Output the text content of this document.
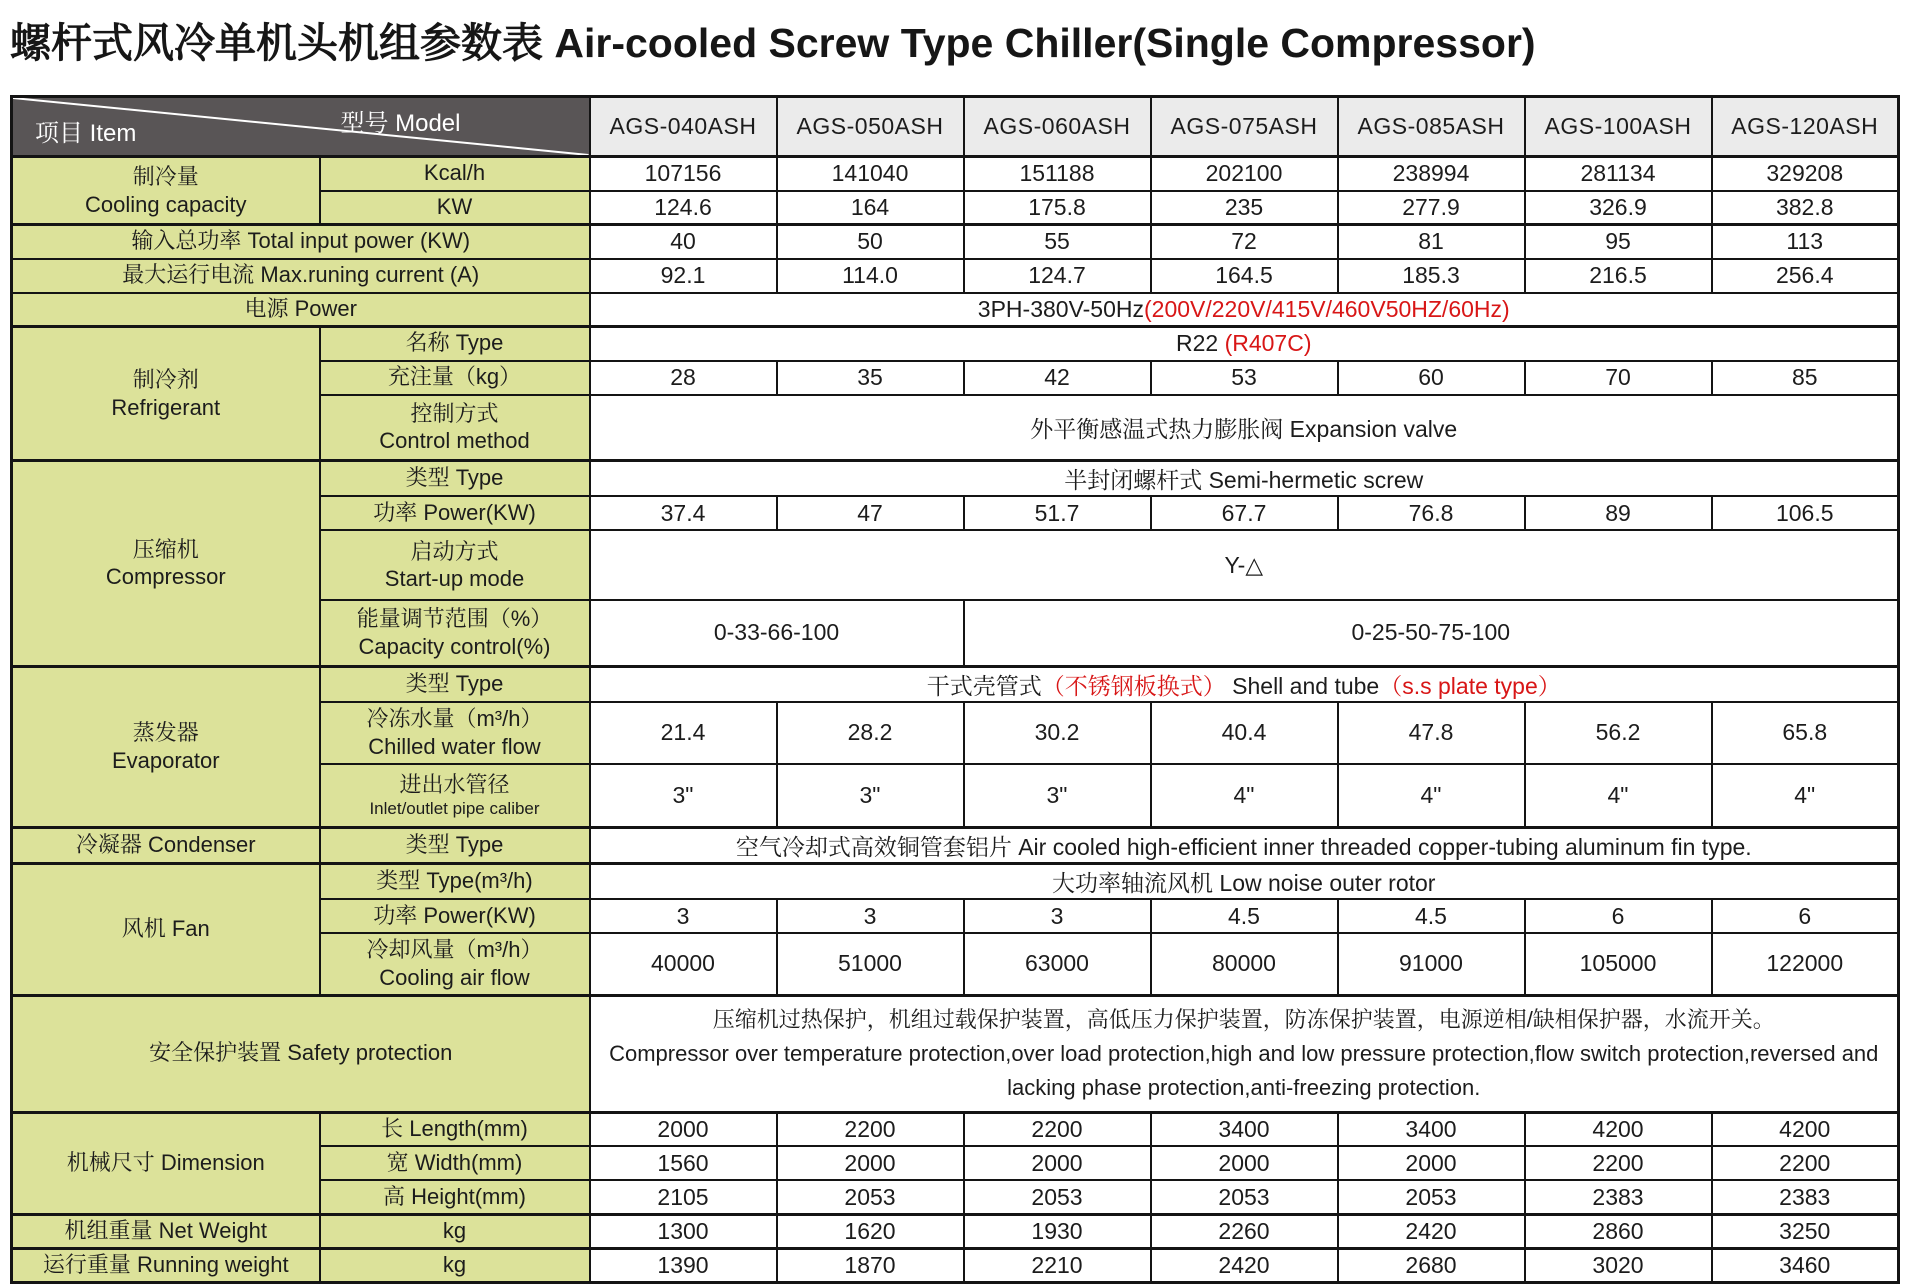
螺杆式风冷单机头机组参数表 Air-cooled Screw Type Chiller(Single Compressor)
型号 Model
项目 Item		AGS-040ASH	AGS-050ASH	AGS-060ASH	AGS-075ASH	AGS-085ASH	AGS-100ASH	AGS-120ASH

制冷量
Cooling capacity	Kcal/h	107156	141040	151188	202100	238994	281134	329208
	KW	124.6	164	175.8	235	277.9	326.9	382.8
输入总功率 Total input power (KW)		40	50	55	72	81	95	113
最大运行电流 Max.runing current (A)		92.1	114.0	124.7	164.5	185.3	216.5	256.4
电源 Power		3PH-380V-50Hz(200V/220V/415V/460V50HZ/60Hz)						

制冷剂
Refrigerant	名称 Type	R22 (R407C)						
	充注量（kg）	28	35	42	53	60	70	85

	控制方式
Control method	外平衡感温式热力膨胀阀 Expansion valve						

压缩机
Compressor	类型 Type	半封闭螺杆式 Semi-hermetic screw						
	功率 Power(KW)	37.4	47	51.7	67.7	76.8	89	106.5

	启动方式
Start-up mode	Y-△						

	能量调节范围（%）
Capacity control(%)	0-33-66-100		0-25-50-75-100				

蒸发器
Evaporator	类型 Type	干式壳管式（不锈钢板换式） Shell and tube（s.s plate type）						

	冷冻水量（m³/h）
Chilled water flow	21.4	28.2	30.2	40.4	47.8	56.2	65.8

	进出水管径
Inlet/outlet pipe caliber	3"	3"	3"	4"	4"	4"	4"
冷凝器 Condenser	类型 Type	空气冷却式高效铜管套铝片 Air cooled high-efficient inner threaded copper-tubing aluminum fin type.						
风机 Fan	类型 Type(m³/h)	大功率轴流风机 Low noise outer rotor						
	功率 Power(KW)	3	3	3	4.5	4.5	6	6

	冷却风量（m³/h）
Cooling air flow	40000	51000	63000	80000	91000	105000	122000
安全保护装置 Safety protection		压缩机过热保护，机组过载保护装置，高低压力保护装置，防冻保护装置，电源逆相/缺相保护器，水流开关。
Compressor over temperature protection,over load protection,high and low pressure protection,flow switch protection,reversed and lacking phase protection,anti-freezing protection.						

机械尺寸 Dimension	长 Length(mm)	2000	2200	2200	3400	3400	4200	4200
	宽 Width(mm)	1560	2000	2000	2000	2000	2200	2200
	高 Height(mm)	2105	2053	2053	2053	2053	2383	2383
机组重量 Net Weight	kg	1300	1620	1930	2260	2420	2860	3250
运行重量 Running weight	kg	1390	1870	2210	2420	2680	3020	3460
